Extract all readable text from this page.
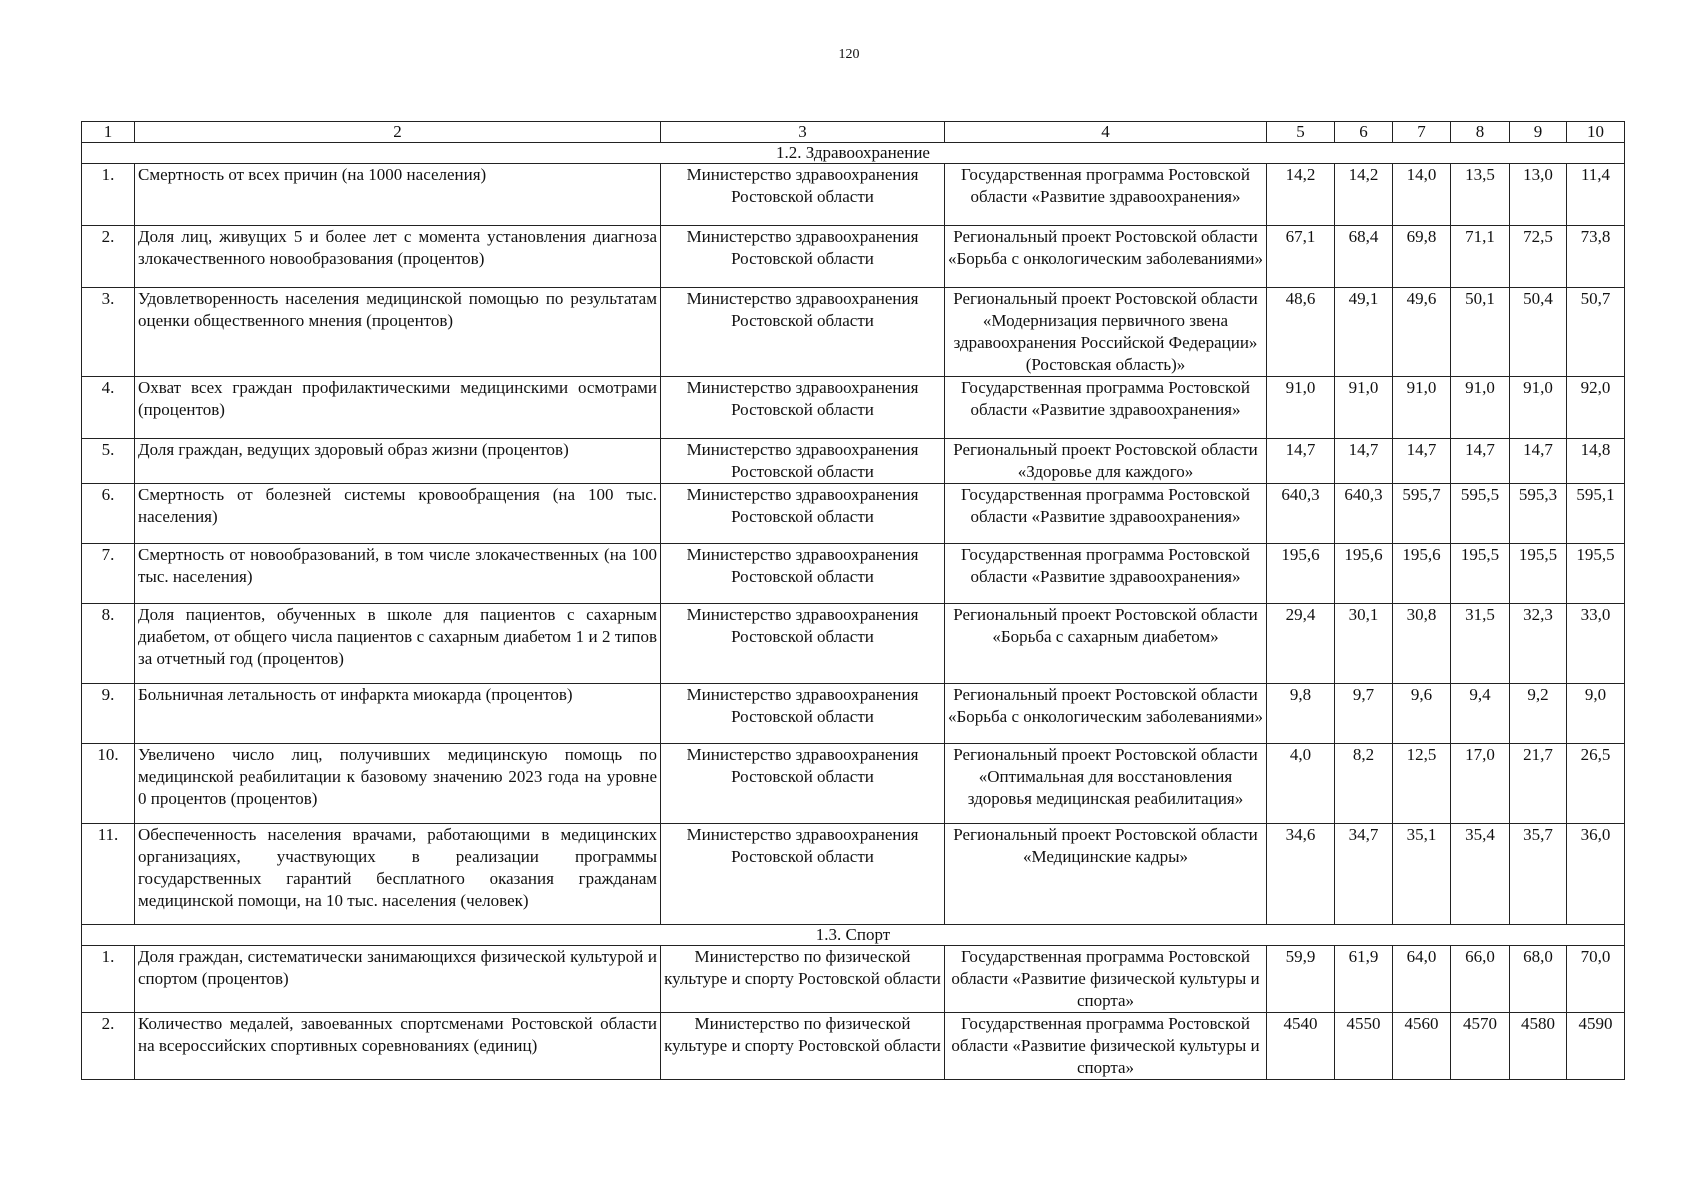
120
1	2	3	4	5	6	7	8	9	10
1.2. Здравоохранение									
1.	Смертность от всех причин (на 1000 населения)	Министерство здравоохранения Ростовской области	Государственная программа Ростовской области «Развитие здравоохранения»	14,2	14,2	14,0	13,5	13,0	11,4
2.	Доля лиц, живущих 5 и более лет с момента установления диагноза злокачественного новообразования (процентов)	Министерство здравоохранения Ростовской области	Региональный проект Ростовской области «Борьба с онкологическим заболеваниями»	67,1	68,4	69,8	71,1	72,5	73,8
3.	Удовлетворенность населения медицинской помощью по результатам оценки общественного мнения (процентов)	Министерство здравоохранения Ростовской области	Региональный проект Ростовской области «Модернизация первичного звена здравоохранения Российской Федерации» (Ростовская область)»	48,6	49,1	49,6	50,1	50,4	50,7
4.	Охват всех граждан профилактическими медицинскими осмотрами (процентов)	Министерство здравоохранения Ростовской области	Государственная программа Ростовской области «Развитие здравоохранения»	91,0	91,0	91,0	91,0	91,0	92,0
5.	Доля граждан, ведущих здоровый образ жизни (процентов)	Министерство здравоохранения Ростовской области	Региональный проект Ростовской области «Здоровье для каждого»	14,7	14,7	14,7	14,7	14,7	14,8
6.	Смертность от болезней системы кровообращения (на 100 тыс. населения)	Министерство здравоохранения Ростовской области	Государственная программа Ростовской области «Развитие здравоохранения»	640,3	640,3	595,7	595,5	595,3	595,1
7.	Смертность от новообразований, в том числе злокачественных (на 100 тыс. населения)	Министерство здравоохранения Ростовской области	Государственная программа Ростовской области «Развитие здравоохранения»	195,6	195,6	195,6	195,5	195,5	195,5
8.	Доля пациентов, обученных в школе для пациентов с сахарным диабетом, от общего числа пациентов с сахарным диабетом 1 и 2 типов за отчетный год (процентов)	Министерство здравоохранения Ростовской области	Региональный проект Ростовской области «Борьба с сахарным диабетом»	29,4	30,1	30,8	31,5	32,3	33,0
9.	Больничная летальность от инфаркта миокарда (процентов)	Министерство здравоохранения Ростовской области	Региональный проект Ростовской области «Борьба с онкологическим заболеваниями»	9,8	9,7	9,6	9,4	9,2	9,0
10.	Увеличено число лиц, получивших медицинскую помощь по медицинской реабилитации к базовому значению 2023 года на уровне 0 процентов (процентов)	Министерство здравоохранения Ростовской области	Региональный проект Ростовской области «Оптимальная для восстановления здоровья медицинская реабилитация»	4,0	8,2	12,5	17,0	21,7	26,5
11.	Обеспеченность населения врачами, работающими в медицинских организациях, участвующих в реализации программы государственных гарантий бесплатного оказания гражданам медицинской помощи, на 10 тыс. населения (человек)	Министерство здравоохранения Ростовской области	Региональный проект Ростовской области «Медицинские кадры»	34,6	34,7	35,1	35,4	35,7	36,0
1.3. Спорт									
1.	Доля граждан, систематически занимающихся физической культурой и спортом (процентов)	Министерство по физической культуре и спорту Ростовской области	Государственная программа Ростовской области «Развитие физической культуры и спорта»	59,9	61,9	64,0	66,0	68,0	70,0
2.	Количество медалей, завоеванных спортсменами Ростовской области на всероссийских спортивных соревнованиях (единиц)	Министерство по физической культуре и спорту Ростовской области	Государственная программа Ростовской области «Развитие физической культуры и спорта»	4540	4550	4560	4570	4580	4590
